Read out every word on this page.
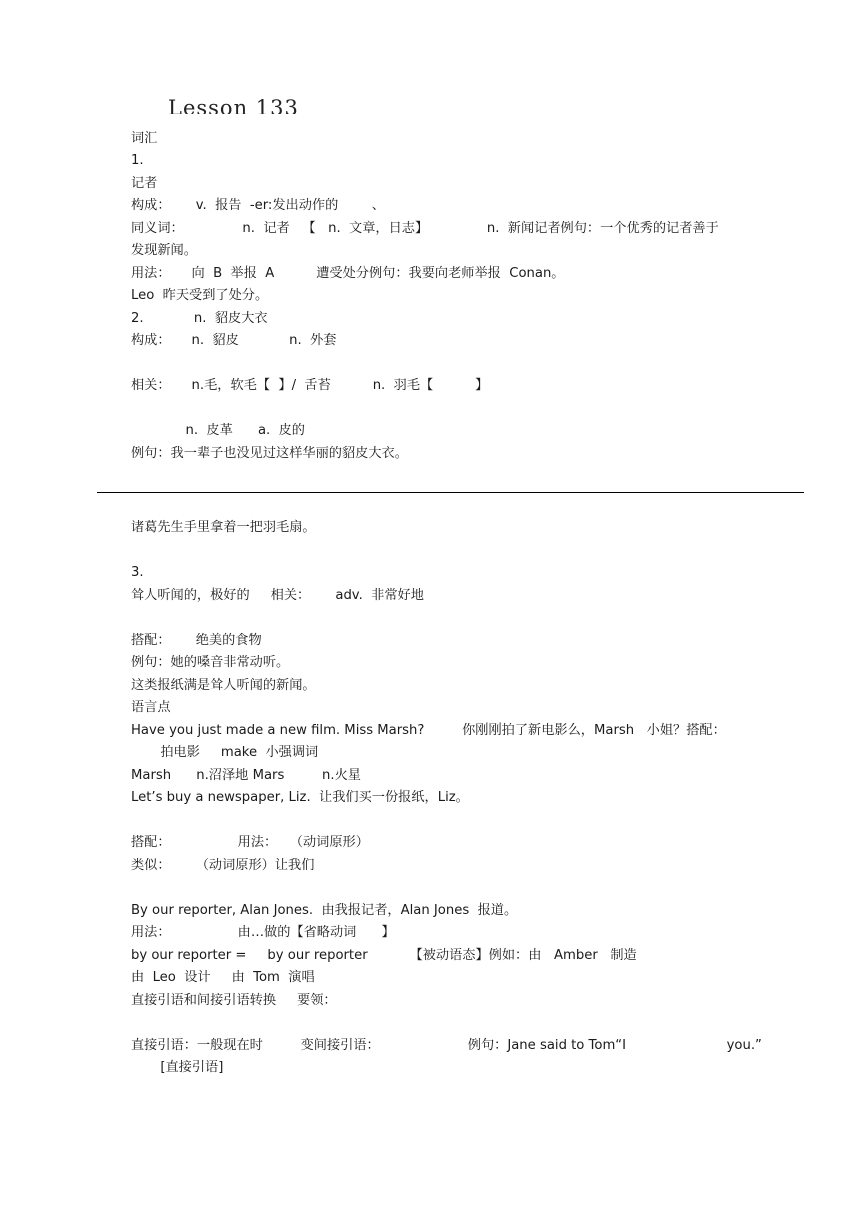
Lesson 133
词汇
1.
记者
构成：      v.  报告  -er:发出动作的        、
同义词：              n.  记者   【   n.  文章，日志】              n.  新闻记者例句：一个优秀的记者善于
发现新闻。
用法：     向  B  举报  A          遭受处分例句：我要向老师举报  Conan。
Leo  昨天受到了处分。
2.            n.  貂皮大衣
构成：     n.  貂皮            n.  外套
相关：     n.毛，软毛【  】/  舌苔          n.  羽毛【          】
n.  皮革      a.  皮的
例句：我一辈子也没见过这样华丽的貂皮大衣。
诸葛先生手里拿着一把羽毛扇。
3.
耸人听闻的，极好的     相关：      adv.  非常好地
搭配：      绝美的食物
例句：她的嗓音非常动听。
这类报纸满是耸人听闻的新闻。
语言点
Have you just made a new film. Miss Marsh?         你刚刚拍了新电影么，Marsh   小姐？搭配：
拍电影     make  小强调词
Marsh      n.沼泽地 Mars         n.火星
Let’s buy a newspaper, Liz.  让我们买一份报纸，Liz。
搭配：                用法：   （动词原形）
类似：      （动词原形）让我们
By our reporter, Alan Jones.  由我报记者，Alan Jones  报道。
用法：                由…做的【省略动词      】
by our reporter =     by our reporter          【被动语态】例如：由   Amber   制造
由  Leo  设计     由  Tom  演唱
直接引语和间接引语转换     要领：
直接引语：一般现在时         变间接引语：                     例句：Jane said to Tom“I                        you.”
[直接引语]
